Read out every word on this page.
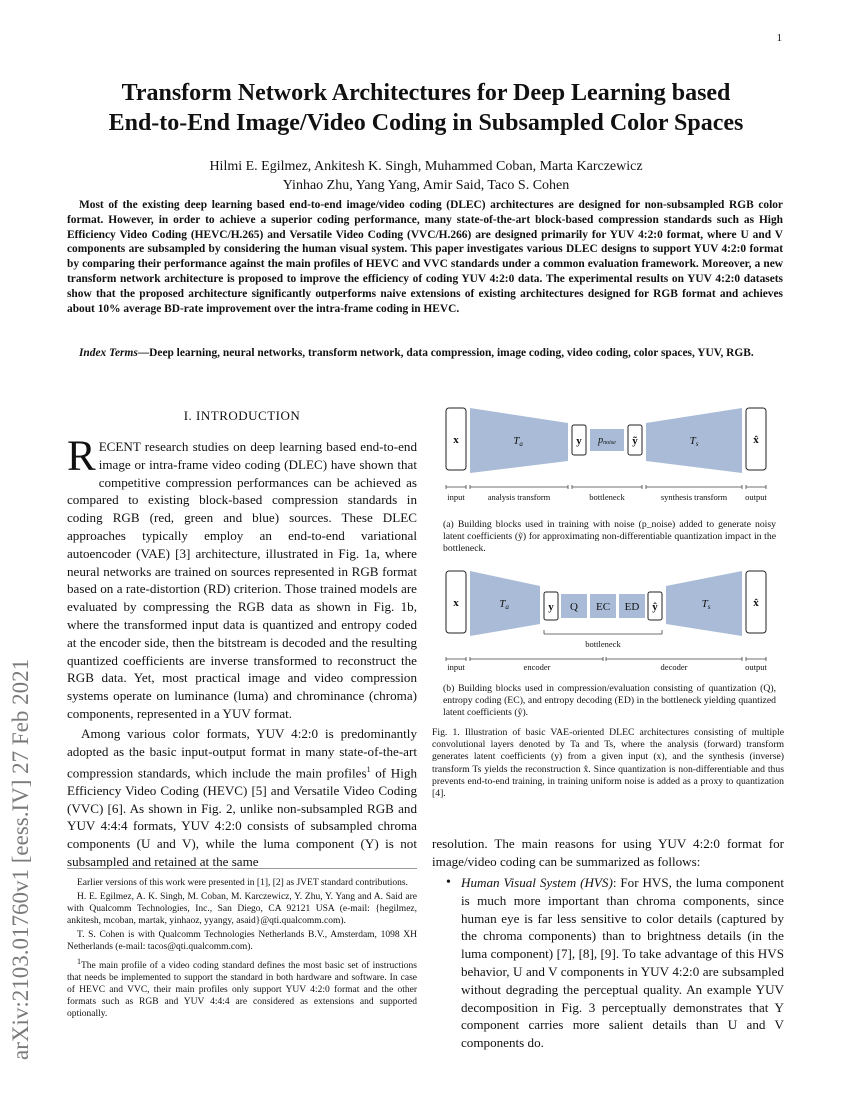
1
arXiv:2103.01760v1 [eess.IV] 27 Feb 2021
Transform Network Architectures for Deep Learning based
End-to-End Image/Video Coding in Subsampled Color Spaces
Hilmi E. Egilmez, Ankitesh K. Singh, Muhammed Coban, Marta Karczewicz
Yinhao Zhu, Yang Yang, Amir Said, Taco S. Cohen
Most of the existing deep learning based end-to-end image/video coding (DLEC) architectures are designed for non-subsampled RGB color format. However, in order to achieve a superior coding performance, many state-of-the-art block-based compression standards such as High Efficiency Video Coding (HEVC/H.265) and Versatile Video Coding (VVC/H.266) are designed primarily for YUV 4:2:0 format, where U and V components are subsampled by considering the human visual system. This paper investigates various DLEC designs to support YUV 4:2:0 format by comparing their performance against the main profiles of HEVC and VVC standards under a common evaluation framework. Moreover, a new transform network architecture is proposed to improve the efficiency of coding YUV 4:2:0 data. The experimental results on YUV 4:2:0 datasets show that the proposed architecture significantly outperforms naive extensions of existing architectures designed for RGB format and achieves about 10% average BD-rate improvement over the intra-frame coding in HEVC.
Index Terms—Deep learning, neural networks, transform network, data compression, image coding, video coding, color spaces, YUV, RGB.
I. INTRODUCTION
RECENT research studies on deep learning based end-to-end image or intra-frame video coding (DLEC) have shown that competitive compression performances can be achieved as compared to existing block-based compression standards in coding RGB (red, green and blue) sources. These DLEC approaches typically employ an end-to-end variational autoencoder (VAE) [3] architecture, illustrated in Fig. 1a, where neural networks are trained on sources represented in RGB format based on a rate-distortion (RD) criterion. Those trained models are evaluated by compressing the RGB data as shown in Fig. 1b, where the transformed input data is quantized and entropy coded at the encoder side, then the bitstream is decoded and the resulting quantized coefficients are inverse transformed to reconstruct the RGB data. Yet, most practical image and video compression systems operate on luminance (luma) and chrominance (chroma) components, represented in a YUV format.
Among various color formats, YUV 4:2:0 is predominantly adopted as the basic input-output format in many state-of-the-art compression standards, which include the main profiles$^1$ of High Efficiency Video Coding (HEVC) [5] and Versatile Video Coding (VVC) [6]. As shown in Fig. 2, unlike non-subsampled RGB and YUV 4:4:4 formats, YUV 4:2:0 consists of subsampled chroma components (U and V), while the luma component (Y) is not subsampled and retained at the same

Earlier versions of this work were presented in [1], [2] as JVET standard contributions.

H. E. Egilmez, A. K. Singh, M. Coban, M. Karczewicz, Y. Zhu, Y. Yang and A. Said are with Qualcomm Technologies, Inc., San Diego, CA 92121 USA (e-mail: {hegilmez, ankitesh, mcoban, martak, yinhaoz, yyangy, asaid}@qti.qualcomm.com).

T. S. Cohen is with Qualcomm Technologies Netherlands B.V., Amsterdam, 1098 XH Netherlands (e-mail: tacos@qti.qualcomm.com).

$^1$The main profile of a video coding standard defines the most basic set of instructions that needs be implemented to support the standard in both hardware and software. In case of HEVC and VVC, their main profiles only support YUV 4:2:0 format and the other formats such as RGB and YUV 4:4:4 are considered as extensions and supported optionally.

x	Ta	y pnoise ỹ	Ts	x̂
input	analysis transform	bottleneck	synthesis transform output
(a) Building blocks used in training with noise (p_noise) added to generate noisy latent coefficients (ỹ) for approximating non-differentiable quantization impact in the bottleneck.
x	Ta	y Q EC ED ŷ	Ts	x̂
bottleneck
input	encoder	decoder	output
(b) Building blocks used in compression/evaluation consisting of quantization (Q), entropy coding (EC), and entropy decoding (ED) in the bottleneck yielding quantized latent coefficients (ŷ).
Fig. 1. Illustration of basic VAE-oriented DLEC architectures consisting of multiple convolutional layers denoted by Ta and Ts, where the analysis (forward) transform generates latent coefficients (y) from a given input (x), and the synthesis (inverse) transform Ts yields the reconstruction x̂. Since quantization is non-differentiable and thus prevents end-to-end training, in training uniform noise is added as a proxy to quantization [4].
resolution. The main reasons for using YUV 4:2:0 format for image/video coding can be summarized as follows:
• Human Visual System (HVS): For HVS, the luma component is much more important than chroma components, since human eye is far less sensitive to color details (captured by the chroma components) than to brightness details (in the luma component) [7], [8], [9]. To take advantage of this HVS behavior, U and V components in YUV 4:2:0 are subsampled without degrading the perceptual quality. An example YUV decomposition in Fig. 3 perceptually demonstrates that Y component carries more salient details than U and V components do.
